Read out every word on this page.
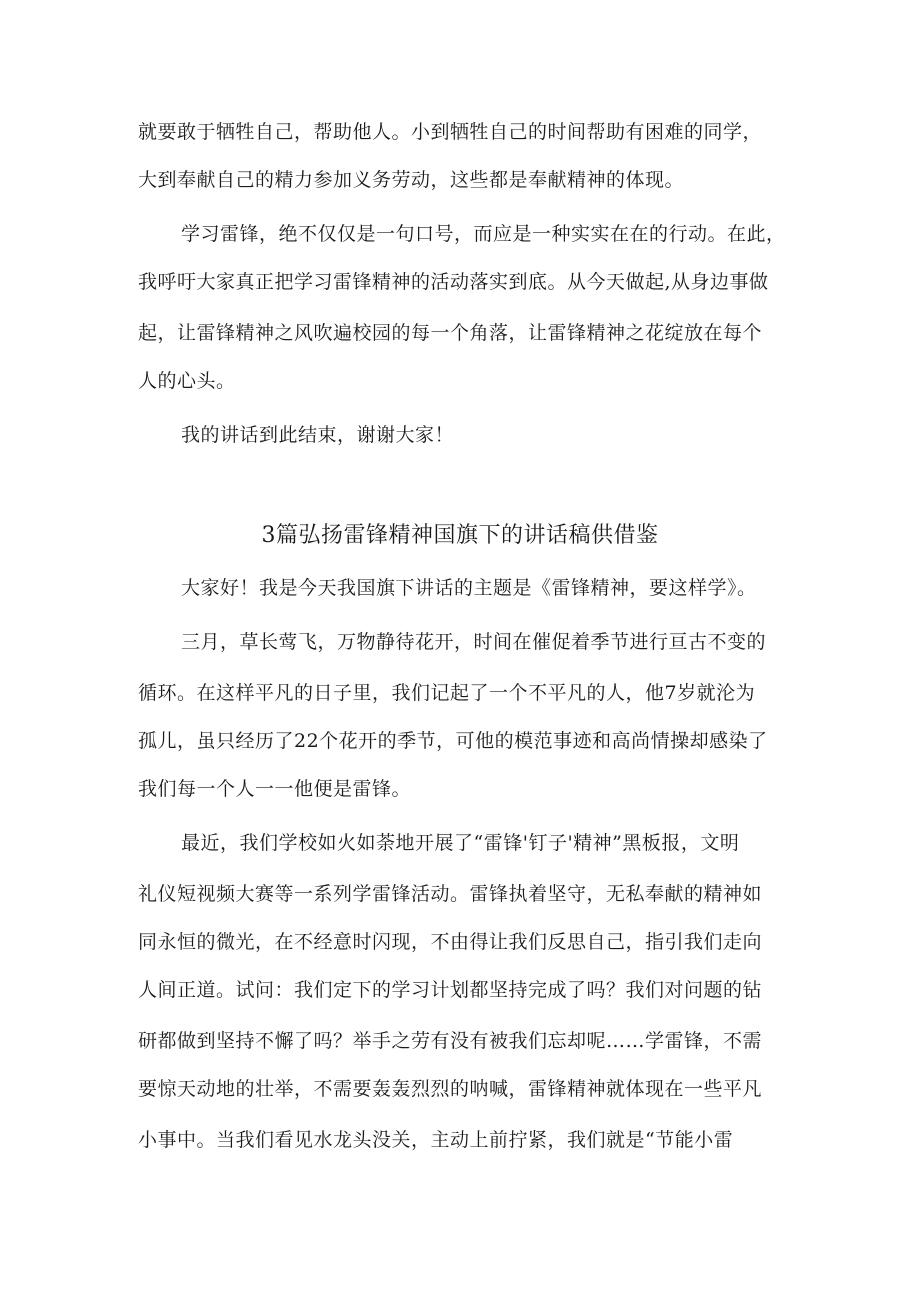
就要敢于牺牲自己，帮助他人。小到牺牲自己的时间帮助有困难的同学，
大到奉献自己的精力参加义务劳动，这些都是奉献精神的体现。
学习雷锋，绝不仅仅是一句口号，而应是一种实实在在的行动。在此，
我呼吁大家真正把学习雷锋精神的活动落实到底。从今天做起,从身边事做
起，让雷锋精神之风吹遍校园的每一个角落，让雷锋精神之花绽放在每个
人的心头。
我的讲话到此结束，谢谢大家！
3篇弘扬雷锋精神国旗下的讲话稿供借鉴
大家好！我是今天我国旗下讲话的主题是《雷锋精神，要这样学》。
三月，草长莺飞，万物静待花开，时间在催促着季节进行亘古不变的
循环。在这样平凡的日子里，我们记起了一个不平凡的人，他7岁就沦为
孤儿，虽只经历了22个花开的季节，可他的模范事迹和高尚情操却感染了
我们每一个人一一他便是雷锋。
最近，我们学校如火如荼地开展了“雷锋'钉子'精神”黑板报，文明
礼仪短视频大赛等一系列学雷锋活动。雷锋执着坚守，无私奉献的精神如
同永恒的微光，在不经意时闪现，不由得让我们反思自己，指引我们走向
人间正道。试问：我们定下的学习计划都坚持完成了吗？我们对问题的钻
研都做到坚持不懈了吗？举手之劳有没有被我们忘却呢……学雷锋，不需
要惊天动地的壮举，不需要轰轰烈烈的呐喊，雷锋精神就体现在一些平凡
小事中。当我们看见水龙头没关，主动上前拧紧，我们就是“节能小雷
